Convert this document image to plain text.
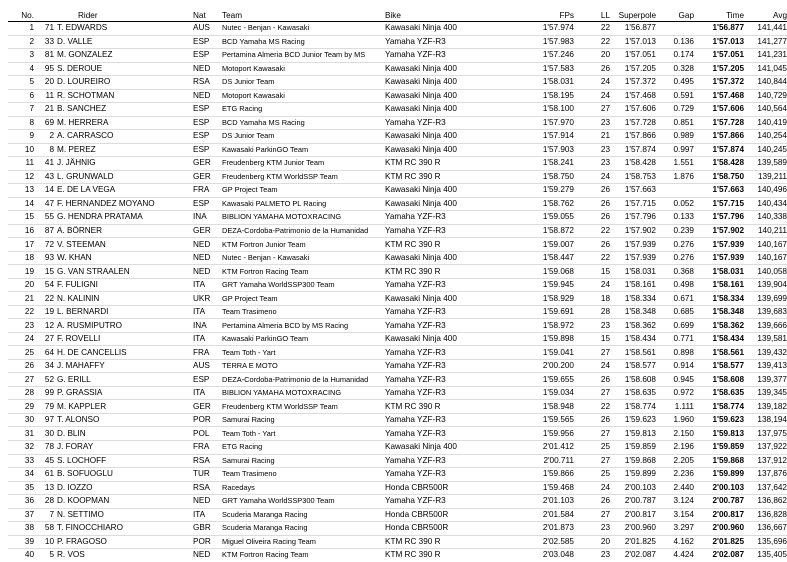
No.		Rider	Nat	Team	Bike	FPs	LL	Superpole	Gap	Time	Avg
1	71	T. EDWARDS	AUS	Nutec - Benjan - Kawasaki	Kawasaki Ninja 400	1'57.974	22	1'56.877		1'56.877	141,441
2	33	D. VALLE	ESP	BCD Yamaha MS Racing	Yamaha YZF-R3	1'57.983	22	1'57.013	0.136	1'57.013	141,277
3	81	M. GONZALEZ	ESP	Pertamina Almeria BCD Junior Team by MS	Yamaha YZF-R3	1'57.246	20	1'57.051	0.174	1'57.051	141,231
4	95	S. DEROUE	NED	Motoport Kawasaki	Kawasaki Ninja 400	1'57.583	26	1'57.205	0.328	1'57.205	141,045
5	20	D. LOUREIRO	RSA	DS Junior Team	Kawasaki Ninja 400	1'58.031	24	1'57.372	0.495	1'57.372	140,844
6	11	R. SCHOTMAN	NED	Motoport Kawasaki	Kawasaki Ninja 400	1'58.195	24	1'57.468	0.591	1'57.468	140,729
7	21	B. SANCHEZ	ESP	ETG Racing	Kawasaki Ninja 400	1'58.100	27	1'57.606	0.729	1'57.606	140,564
8	69	M. HERRERA	ESP	BCD Yamaha MS Racing	Yamaha YZF-R3	1'57.970	23	1'57.728	0.851	1'57.728	140,419
9	2	A. CARRASCO	ESP	DS Junior Team	Kawasaki Ninja 400	1'57.914	21	1'57.866	0.989	1'57.866	140,254
10	8	M. PEREZ	ESP	Kawasaki ParkinGO Team	Kawasaki Ninja 400	1'57.903	23	1'57.874	0.997	1'57.874	140,245
11	41	J. JÄHNIG	GER	Freudenberg KTM Junior Team	KTM RC 390 R	1'58.241	23	1'58.428	1.551	1'58.428	139,589
12	43	L. GRUNWALD	GER	Freudenberg KTM WorldSSP Team	KTM RC 390 R	1'58.750	24	1'58.753	1.876	1'58.750	139,211
13	14	E. DE LA VEGA	FRA	GP Project Team	Kawasaki Ninja 400	1'59.279	26	1'57.663		1'57.663	140,496
14	47	F. HERNANDEZ MOYANO	ESP	Kawasaki PALMETO PL Racing	Kawasaki Ninja 400	1'58.762	26	1'57.715	0.052	1'57.715	140,434
15	55	G. HENDRA PRATAMA	INA	BIBLION YAMAHA MOTOXRACING	Yamaha YZF-R3	1'59.055	26	1'57.796	0.133	1'57.796	140,338
16	87	A. BÖRNER	GER	DEZA-Cordoba-Patrimonio de la Humanidad	Yamaha YZF-R3	1'58.872	22	1'57.902	0.239	1'57.902	140,211
17	72	V. STEEMAN	NED	KTM Fortron Junior Team	KTM RC 390 R	1'59.007	26	1'57.939	0.276	1'57.939	140,167
18	93	W. KHAN	NED	Nutec - Benjan - Kawasaki	Kawasaki Ninja 400	1'58.447	22	1'57.939	0.276	1'57.939	140,167
19	15	G. VAN STRAALEN	NED	KTM Fortron Racing Team	KTM RC 390 R	1'59.068	15	1'58.031	0.368	1'58.031	140,058
20	54	F. FULIGNI	ITA	GRT Yamaha WorldSSP300 Team	Yamaha YZF-R3	1'59.945	24	1'58.161	0.498	1'58.161	139,904
21	22	N. KALININ	UKR	GP Project Team	Kawasaki Ninja 400	1'58.929	18	1'58.334	0.671	1'58.334	139,699
22	19	L. BERNARDI	ITA	Team Trasimeno	Yamaha YZF-R3	1'59.691	28	1'58.348	0.685	1'58.348	139,683
23	12	A. RUSMIPUTRO	INA	Pertamina Almeria BCD by MS Racing	Yamaha YZF-R3	1'58.972	23	1'58.362	0.699	1'58.362	139,666
24	27	F. ROVELLI	ITA	Kawasaki ParkinGO Team	Kawasaki Ninja 400	1'59.898	15	1'58.434	0.771	1'58.434	139,581
25	64	H. DE CANCELLIS	FRA	Team Toth - Yart	Yamaha YZF-R3	1'59.041	27	1'58.561	0.898	1'58.561	139,432
26	34	J. MAHAFFY	AUS	TERRA E MOTO	Yamaha YZF-R3	2'00.200	24	1'58.577	0.914	1'58.577	139,413
27	52	G. ERILL	ESP	DEZA-Cordoba-Patrimonio de la Humanidad	Yamaha YZF-R3	1'59.655	26	1'58.608	0.945	1'58.608	139,377
28	99	P. GRASSIA	ITA	BIBLION YAMAHA MOTOXRACING	Yamaha YZF-R3	1'59.034	27	1'58.635	0.972	1'58.635	139,345
29	79	M. KAPPLER	GER	Freudenberg KTM WorldSSP Team	KTM RC 390 R	1'58.948	22	1'58.774	1.111	1'58.774	139,182
30	97	T. ALONSO	POR	Samurai Racing	Yamaha YZF-R3	1'59.565	26	1'59.623	1.960	1'59.623	138,194
31	30	D. BLIN	POL	Team Toth - Yart	Yamaha YZF-R3	1'59.956	27	1'59.813	2.150	1'59.813	137,975
32	78	J. FORAY	FRA	ETG Racing	Kawasaki Ninja 400	2'01.412	25	1'59.859	2.196	1'59.859	137,922
33	45	S. LOCHOFF	RSA	Samurai Racing	Yamaha YZF-R3	2'00.711	27	1'59.868	2.205	1'59.868	137,912
34	61	B. SOFUOGLU	TUR	Team Trasimeno	Yamaha YZF-R3	1'59.866	25	1'59.899	2.236	1'59.899	137,876
35	13	D. IOZZO	RSA	Racedays	Honda CBR500R	1'59.468	24	2'00.103	2.440	2'00.103	137,642
36	28	D. KOOPMAN	NED	GRT Yamaha WorldSSP300 Team	Yamaha YZF-R3	2'01.103	26	2'00.787	3.124	2'00.787	136,862
37	7	N. SETTIMO	ITA	Scuderia Maranga Racing	Honda CBR500R	2'01.584	27	2'00.817	3.154	2'00.817	136,828
38	58	T. FINOCCHIARO	GBR	Scuderia Maranga Racing	Honda CBR500R	2'01.873	23	2'00.960	3.297	2'00.960	136,667
39	10	P. FRAGOSO	POR	Miguel Oliveira Racing Team	KTM RC 390 R	2'02.585	20	2'01.825	4.162	2'01.825	135,696
40	5	R. VOS	NED	KTM Fortron Racing Team	KTM RC 390 R	2'03.048	23	2'02.087	4.424	2'02.087	135,405
